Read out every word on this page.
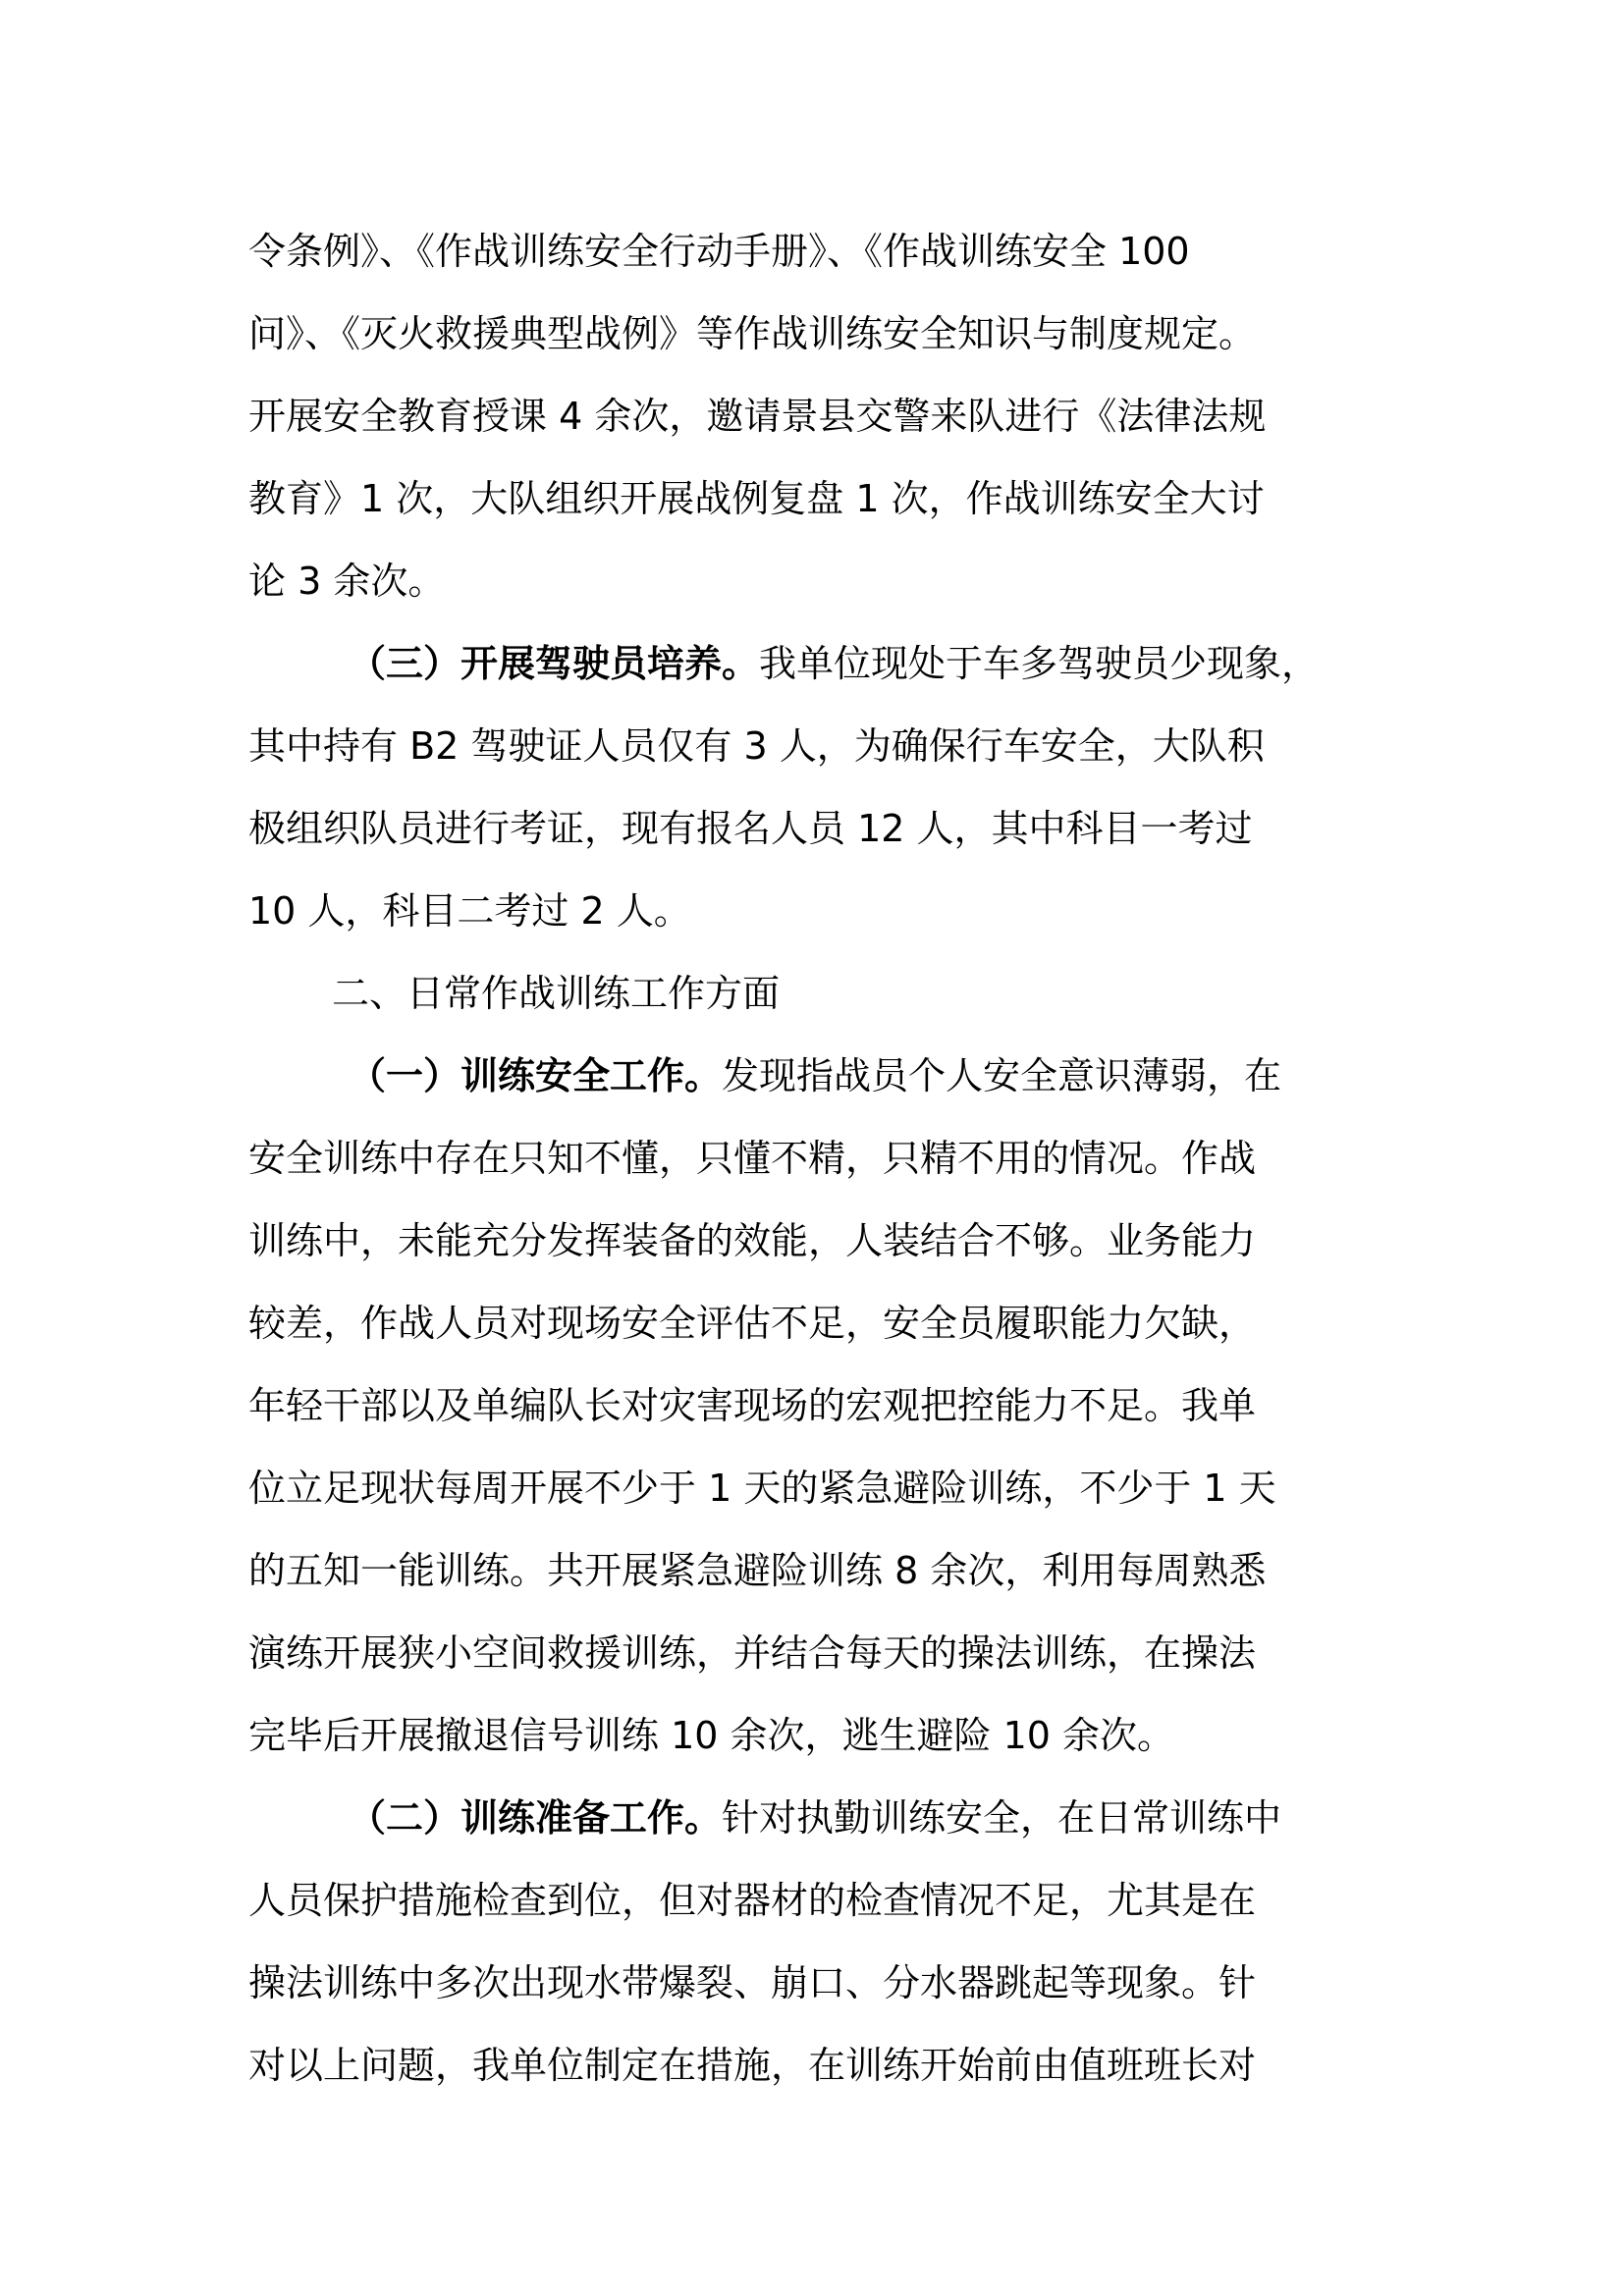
令条例》、《作战训练安全行动手册》、《作战训练安全 100
问》、《灭火救援典型战例》等作战训练安全知识与制度规定。
开展安全教育授课 4 余次，邀请景县交警来队进行《法律法规
教育》1 次，大队组织开展战例复盘 1 次，作战训练安全大讨
论 3 余次。
（三）开展驾驶员培养。我单位现处于车多驾驶员少现象，
其中持有 B2 驾驶证人员仅有 3 人，为确保行车安全，大队积
极组织队员进行考证，现有报名人员 12 人，其中科目一考过
10 人，科目二考过 2 人。
二、日常作战训练工作方面
（一）训练安全工作。发现指战员个人安全意识薄弱，在
安全训练中存在只知不懂，只懂不精，只精不用的情况。作战
训练中，未能充分发挥装备的效能，人装结合不够。业务能力
较差，作战人员对现场安全评估不足，安全员履职能力欠缺，
年轻干部以及单编队长对灾害现场的宏观把控能力不足。我单
位立足现状每周开展不少于 1 天的紧急避险训练，不少于 1 天
的五知一能训练。共开展紧急避险训练 8 余次，利用每周熟悉
演练开展狭小空间救援训练，并结合每天的操法训练，在操法
完毕后开展撤退信号训练 10 余次，逃生避险 10 余次。
（二）训练准备工作。针对执勤训练安全，在日常训练中
人员保护措施检查到位，但对器材的检查情况不足，尤其是在
操法训练中多次出现水带爆裂、崩口、分水器跳起等现象。针
对以上问题，我单位制定在措施，在训练开始前由值班班长对
